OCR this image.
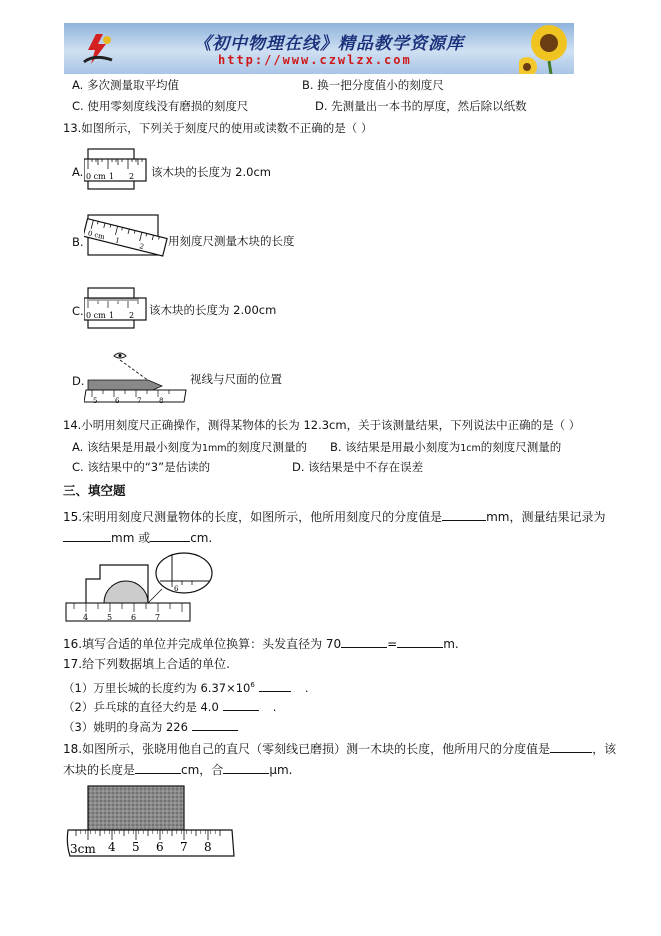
《初中物理在线》精品教学资源库
http://www.czwlzx.com
A. 多次测量取平均值	B. 换一把分度值小的刻度尺
C. 使用零刻度线没有磨损的刻度尺	D. 先测量出一本书的厚度，然后除以纸数
13.如图所示，下列关于刻度尺的使用或读数不正确的是（ ）
A. 0 cm 1 2 该木块的长度为 2.0cm
B. 0 cm 1
2 用刻度尺测量木块的长度
C. 0 cm 1 2 该木块的长度为 2.00cm
D.
5	6	7	8
视线与尺面的位置
14.小明用刻度尺正确操作，测得某物体的长为 12.3cm，关于该测量结果，下列说法中正确的是（ ）
A. 该结果是用最小刻度为1mm的刻度尺测量的 B. 该结果是用最小刻度为1cm的刻度尺测量的
C. 该结果中的“3”是估读的	D. 该结果是中不存在误差
三、填空题
15.宋明用刻度尺测量物体的长度，如图所示，他所用刻度尺的分度值是	mm，测量结果记录为
mm 或	cm.
6
4 5 6 7
16.填写合适的单位并完成单位换算：头发直径为 70	=	m.
17.给下列数据填上合适的单位.
（1）万里长城的长度约为 $6.37\times 10^6$	.
（2）乒乓球的直径大约是 4.0	.
（3）姚明的身高为 226
18.如图所示，张晓用他自己的直尺（零刻线已磨损）测一木块的长度，他所用尺的分度值是	，该
木块的长度是	cm，合	μm.
3cm 4 5 6 7 8
